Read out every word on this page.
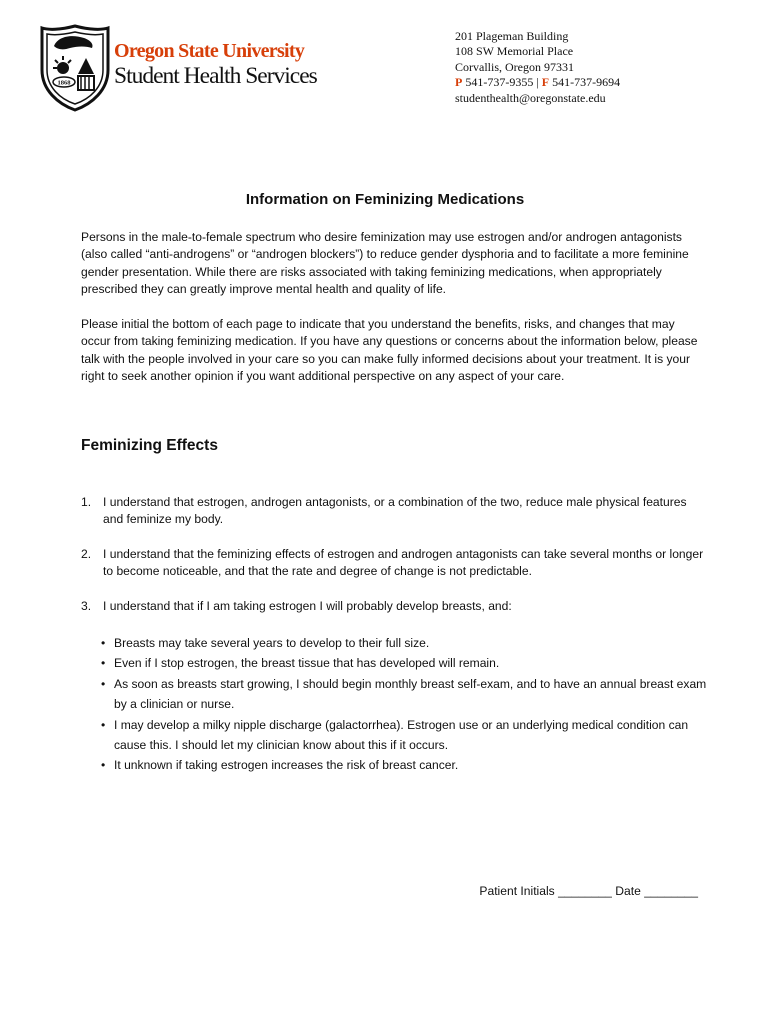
1868
Oregon State University
Student Health Services
201 Plageman Building
108 SW Memorial Place
Corvallis, Oregon 97331
P 541-737-9355 | F 541-737-9694
studenthealth@oregonstate.edu
Information on Feminizing Medications

Persons in the male-to-female spectrum who desire feminization may use estrogen and/or androgen antagonists (also called “anti-androgens” or “androgen blockers”) to reduce gender dysphoria and to facilitate a more feminine gender presentation. While there are risks associated with taking feminizing medications, when appropriately prescribed they can greatly improve mental health and quality of life.

Please initial the bottom of each page to indicate that you understand the benefits, risks, and changes that may occur from taking feminizing medication. If you have any questions or concerns about the information below, please talk with the people involved in your care so you can make fully informed decisions about your treatment. It is your right to seek another opinion if you want additional perspective on any aspect of your care.

Feminizing Effects
1. I understand that estrogen, androgen antagonists, or a combination of the two, reduce male physical features and feminize my body.
2. I understand that the feminizing effects of estrogen and androgen antagonists can take several months or longer to become noticeable, and that the rate and degree of change is not predictable.
3. I understand that if I am taking estrogen I will probably develop breasts, and:
• Breasts may take several years to develop to their full size.
• Even if I stop estrogen, the breast tissue that has developed will remain.
• As soon as breasts start growing, I should begin monthly breast self-exam, and to have an annual breast exam by a clinician or nurse.
• I may develop a milky nipple discharge (galactorrhea). Estrogen use or an underlying medical condition can cause this. I should let my clinician know about this if it occurs.
• It unknown if taking estrogen increases the risk of breast cancer.
Patient Initials ________ Date ________
